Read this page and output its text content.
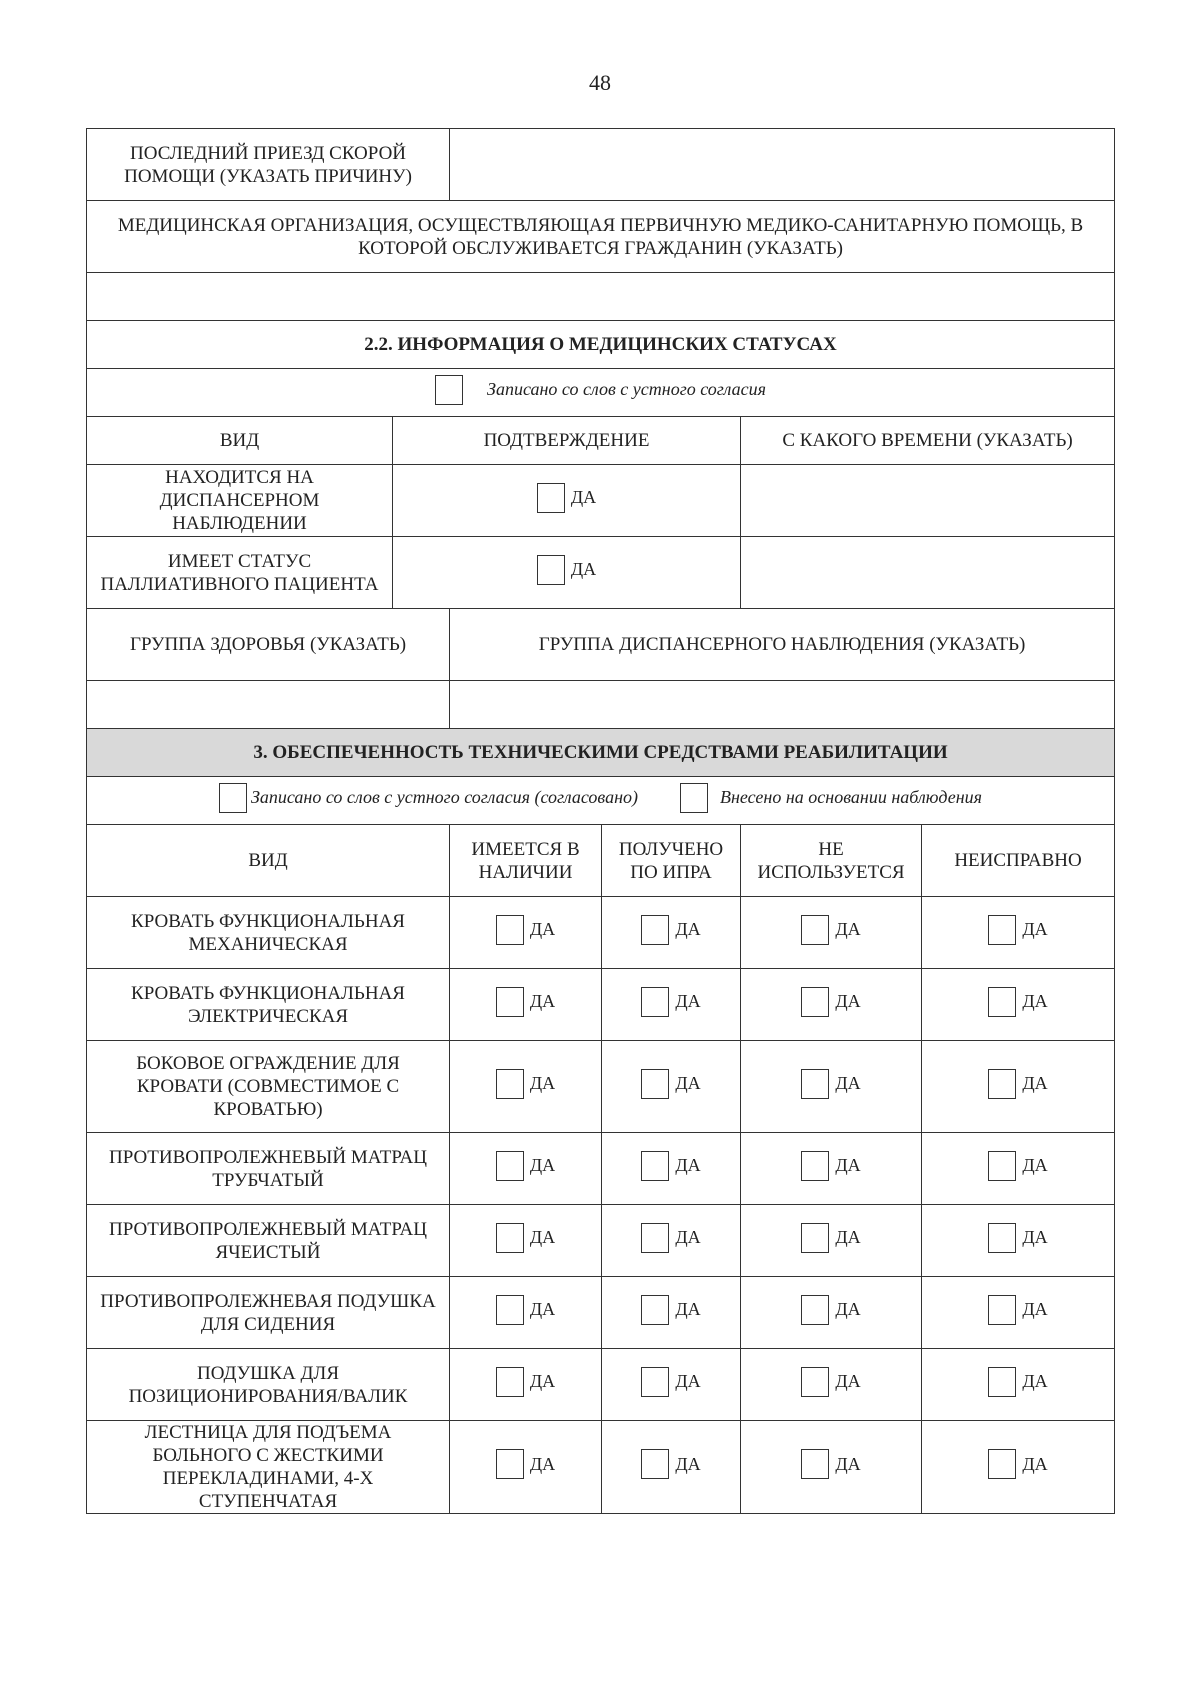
48
ПОСЛЕДНИЙ ПРИЕЗД СКОРОЙ ПОМОЩИ (УКАЗАТЬ ПРИЧИНУ)					
МЕДИЦИНСКАЯ ОРГАНИЗАЦИЯ, ОСУЩЕСТВЛЯЮЩАЯ ПЕРВИЧНУЮ МЕДИКО-САНИТАРНУЮ ПОМОЩЬ, В КОТОРОЙ ОБСЛУЖИВАЕТСЯ ГРАЖДАНИН (УКАЗАТЬ)					

2.2. ИНФОРМАЦИЯ О МЕДИЦИНСКИХ СТАТУСАХ					

Записано со слов с устного согласия					

ВИД	ПОДТВЕРЖДЕНИЕ			С КАКОГО ВРЕМЕНИ (УКАЗАТЬ)	
НАХОДИТСЯ НА ДИСПАНСЕРНОМ НАБЛЮДЕНИИ	ДА				

ИМЕЕТ СТАТУС ПАЛЛИАТИВНОГО ПАЦИЕНТА	ДА				

ГРУППА ЗДОРОВЬЯ (УКАЗАТЬ)		ГРУППА ДИСПАНСЕРНОГО НАБЛЮДЕНИЯ (УКАЗАТЬ)			

3. ОБЕСПЕЧЕННОСТЬ ТЕХНИЧЕСКИМИ СРЕДСТВАМИ РЕАБИЛИТАЦИИ					

Записано со слов с устного согласия (согласовано) Внесено на основании наблюдения					

ВИД		ИМЕЕТСЯ В НАЛИЧИИ	ПОЛУЧЕНО ПО ИПРА	НЕ ИСПОЛЬЗУЕТСЯ	НЕИСПРАВНО
КРОВАТЬ ФУНКЦИОНАЛЬНАЯ МЕХАНИЧЕСКАЯ		ДА	ДА	ДА	ДА

КРОВАТЬ ФУНКЦИОНАЛЬНАЯ ЭЛЕКТРИЧЕСКАЯ		ДА	ДА	ДА	ДА

БОКОВОЕ ОГРАЖДЕНИЕ ДЛЯ КРОВАТИ (СОВМЕСТИМОЕ С КРОВАТЬЮ)		ДА	ДА	ДА	ДА

ПРОТИВОПРОЛЕЖНЕВЫЙ МАТРАЦ ТРУБЧАТЫЙ		ДА	ДА	ДА	ДА

ПРОТИВОПРОЛЕЖНЕВЫЙ МАТРАЦ ЯЧЕИСТЫЙ		ДА	ДА	ДА	ДА

ПРОТИВОПРОЛЕЖНЕВАЯ ПОДУШКА ДЛЯ СИДЕНИЯ		ДА	ДА	ДА	ДА

ПОДУШКА ДЛЯ ПОЗИЦИОНИРОВАНИЯ/ВАЛИК		ДА	ДА	ДА	ДА

ЛЕСТНИЦА ДЛЯ ПОДЪЕМА БОЛЬНОГО С ЖЕСТКИМИ ПЕРЕКЛАДИНАМИ, 4-Х СТУПЕНЧАТАЯ		ДА	ДА	ДА	ДА
